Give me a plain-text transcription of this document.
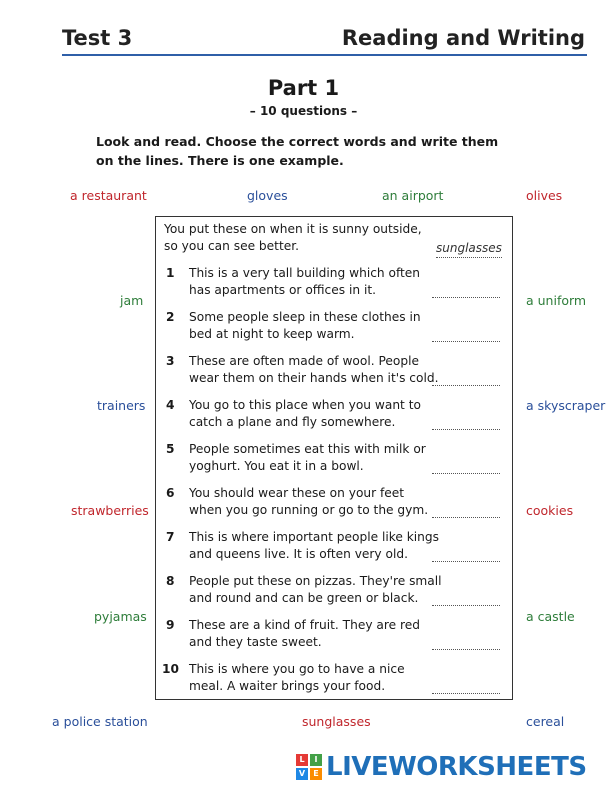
Test 3	Reading and Writing
Part 1
– 10 questions –
Look and read. Choose the correct words and write them on the lines. There is one example.
a restaurant	gloves	an airport	olives
jam	a uniform
trainers	a skyscraper
strawberries	cookies
pyjamas	a castle
a police station	sunglasses	cereal
You put these on when it is sunny outside,
so you can see better.	sunglasses
1 This is a very tall building which often
has apartments or offices in it.
2 Some people sleep in these clothes in
bed at night to keep warm.
3 These are often made of wool. People
wear them on their hands when it's cold.
4 You go to this place when you want to
catch a plane and fly somewhere.
5 People sometimes eat this with milk or
yoghurt. You eat it in a bowl.
6 You should wear these on your feet
when you go running or go to the gym.
7 This is where important people like kings
and queens live. It is often very old.
8 People put these on pizzas. They're small
and round and can be green or black.
9 These are a kind of fruit. They are red
and they taste sweet.
10 This is where you go to have a nice
meal. A waiter brings your food.
L	I
V	E LIVEWORKSHEETS
